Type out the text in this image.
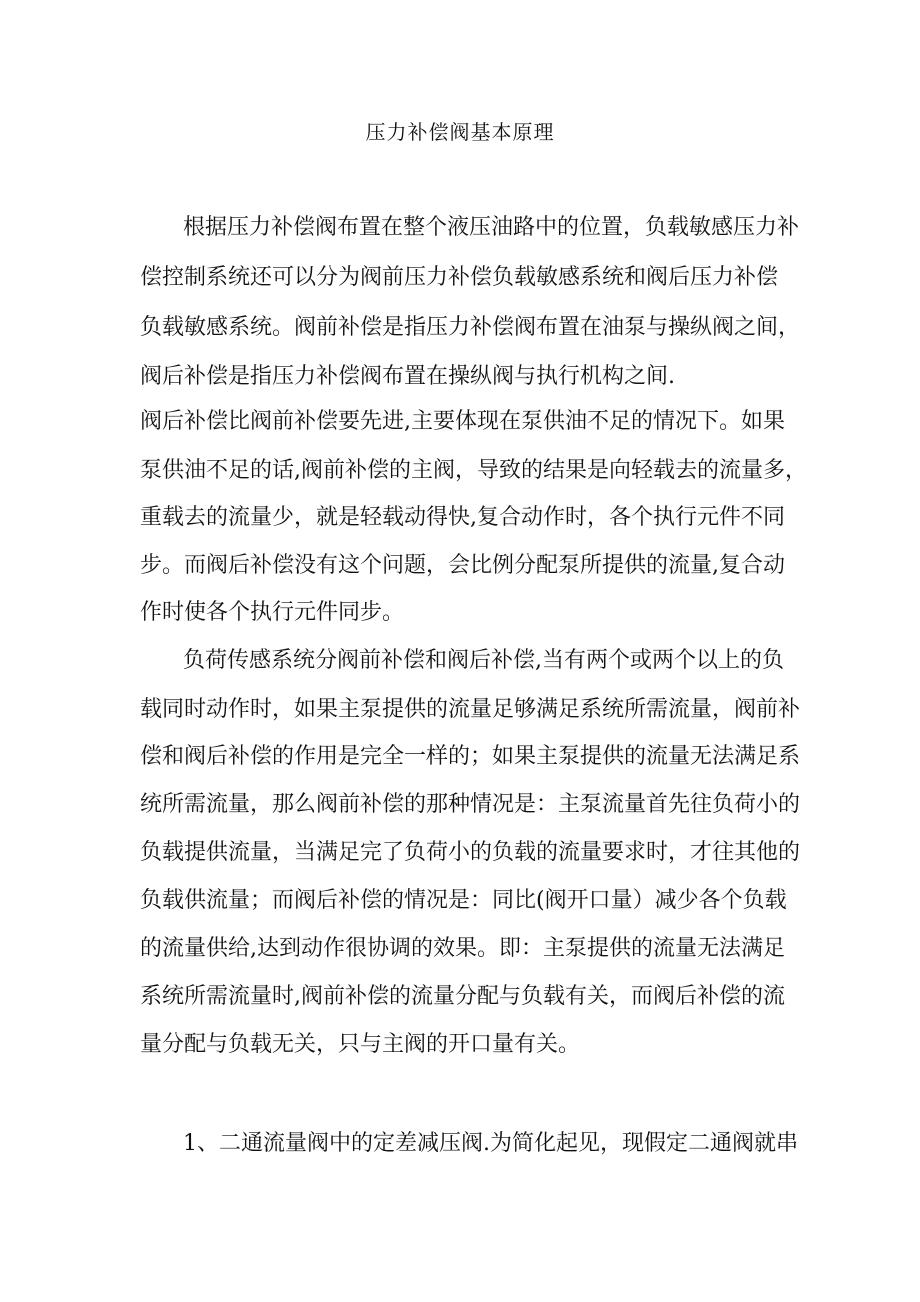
压力补偿阀基本原理
根据压力补偿阀布置在整个液压油路中的位置，负载敏感压力补
偿控制系统还可以分为阀前压力补偿负载敏感系统和阀后压力补偿
负载敏感系统。阀前补偿是指压力补偿阀布置在油泵与操纵阀之间，
阀后补偿是指压力补偿阀布置在操纵阀与执行机构之间.
阀后补偿比阀前补偿要先进,主要体现在泵供油不足的情况下。如果
泵供油不足的话,阀前补偿的主阀，导致的结果是向轻载去的流量多，
重载去的流量少，就是轻载动得快,复合动作时，各个执行元件不同
步。而阀后补偿没有这个问题，会比例分配泵所提供的流量,复合动
作时使各个执行元件同步。
负荷传感系统分阀前补偿和阀后补偿,当有两个或两个以上的负
载同时动作时，如果主泵提供的流量足够满足系统所需流量，阀前补
偿和阀后补偿的作用是完全一样的；如果主泵提供的流量无法满足系
统所需流量，那么阀前补偿的那种情况是：主泵流量首先往负荷小的
负载提供流量，当满足完了负荷小的负载的流量要求时，才往其他的
负载供流量；而阀后补偿的情况是：同比(阀开口量）减少各个负载
的流量供给,达到动作很协调的效果。即：主泵提供的流量无法满足
系统所需流量时,阀前补偿的流量分配与负载有关，而阀后补偿的流
量分配与负载无关，只与主阀的开口量有关。
1、二通流量阀中的定差减压阀.为简化起见，现假定二通阀就串
